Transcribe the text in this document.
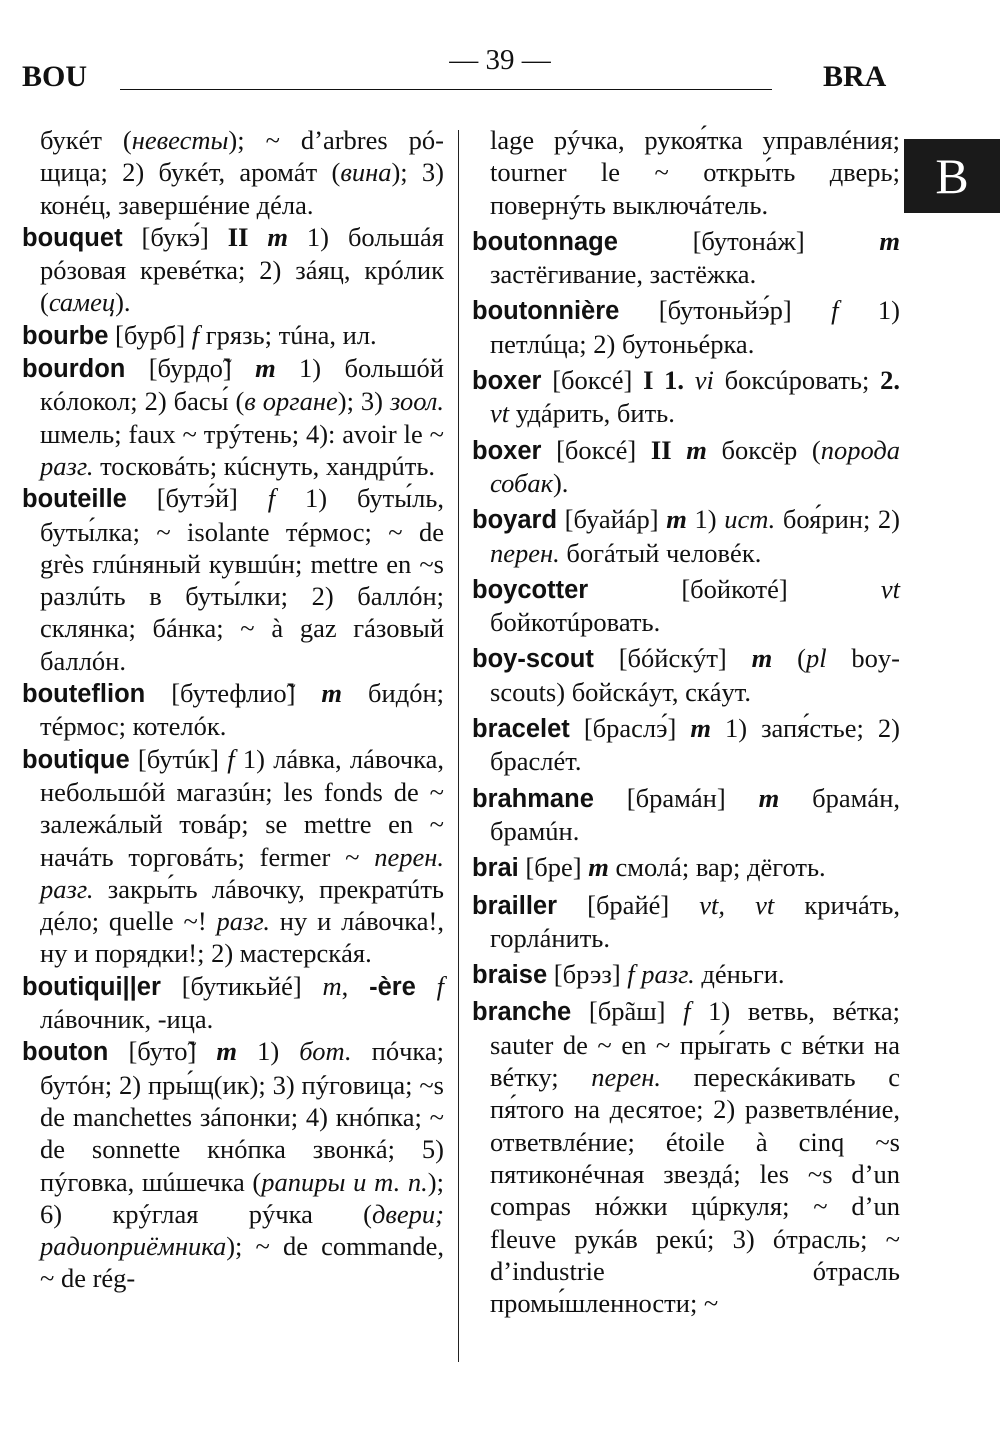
— 39 —
BOU	BRA
B

букéт (невесты); ~ d’arbres рó-щица; 2) букéт, аромáт (вина); 3) конéц, завершéние дéла.

bouquet [букэ́] II m 1) большáя рóзовая кревéтка; 2) зáяц, крóлик (самец).

bourbe [бурб] f грязь; тúна, ил.

bourdon [бурдо̃] m 1) большóй кóлокол; 2) басы́ (в органе); 3) зоол. шмель; faux ~ трýтень; 4): avoir le ~ разг. тосковáть; кúснуть, хандрúть.

bouteille [бутэ́й] f 1) буты́ль, буты́лка; ~ isolante тéрмос; ~ de grès глúняный кувшúн; mettre en ~s разлúть в буты́лки; 2) баллóн; склянка; бáнка; ~ à gaz гáзовый баллóн.

bouteflion [бутефлио̃] m бидóн; тéрмос; котелóк.

boutique [бутúк] f 1) лáвка, лáвочка, небольшóй магазúн; les fonds de ~ залежáлый товáр; se mettre en ~ начáть торговáть; fermer ~ перен. разг. закры́ть лáвочку, прекратúть дéло; quelle ~! разг. ну и лáвочка!, ну и порядки!; 2) мастерскáя.

boutiqui||er [бутикьйé] m, -ère f лáвочник, -ица.

bouton [буто̃] m 1) бот. пóчка; бутóн; 2) пры́щ(ик); 3) пýговица; ~s de manchettes зáпонки; 4) кнóпка; ~ de sonnette кнóпка звонкá; 5) пýговка, шúшечка (рапиры и т. п.); 6) крýглая рýчка (двери; радиоприёмника); ~ de commande, ~ de rég-

lage рýчка, рукоя́тка управлéния; tourner le ~ откры́ть дверь; повернýть выключáтель.

boutonnage [бутонáж] m застёгивание, застёжка.

boutonnière [бутоньйэ́р] f 1) петлúца; 2) бутоньéрка.

boxer [боксé] I 1. vi боксúровать; 2. vt удáрить, бить.

boxer [боксé] II m боксёр (порода собак).

boyard [буайáр] m 1) ист. боя́рин; 2) перен. богáтый человéк.

boycotter [бойкотé] vt бойкотúровать.

boy-scout [бóйскýт] m (pl boy-scouts) бойскáут, скáут.

bracelet [браслэ́] m 1) запя́стье; 2) браслéт.

brahmane [брамáн] m брамáн, брамúн.

brai [бре] m смолá; вар; дёготь.

brailler [брайé] vt, vt кричáть, горлáнить.

braise [брэз] f разг. дéньги.

branche [брãш] f 1) ветвь, вéтка; sauter de ~ en ~ пры́гать с вéтки на вéтку; перен. перескáкивать с пя́того на десятое; 2) разветвлéние, ответвлéние; étoile à cinq ~s пятиконéчная звездá; les ~s d’un compas нóжки цúркуля; ~ d’un fleuve рукáв рекú; 3) óтрасль; ~ d’industrie óтрасль промы́шленности; ~
